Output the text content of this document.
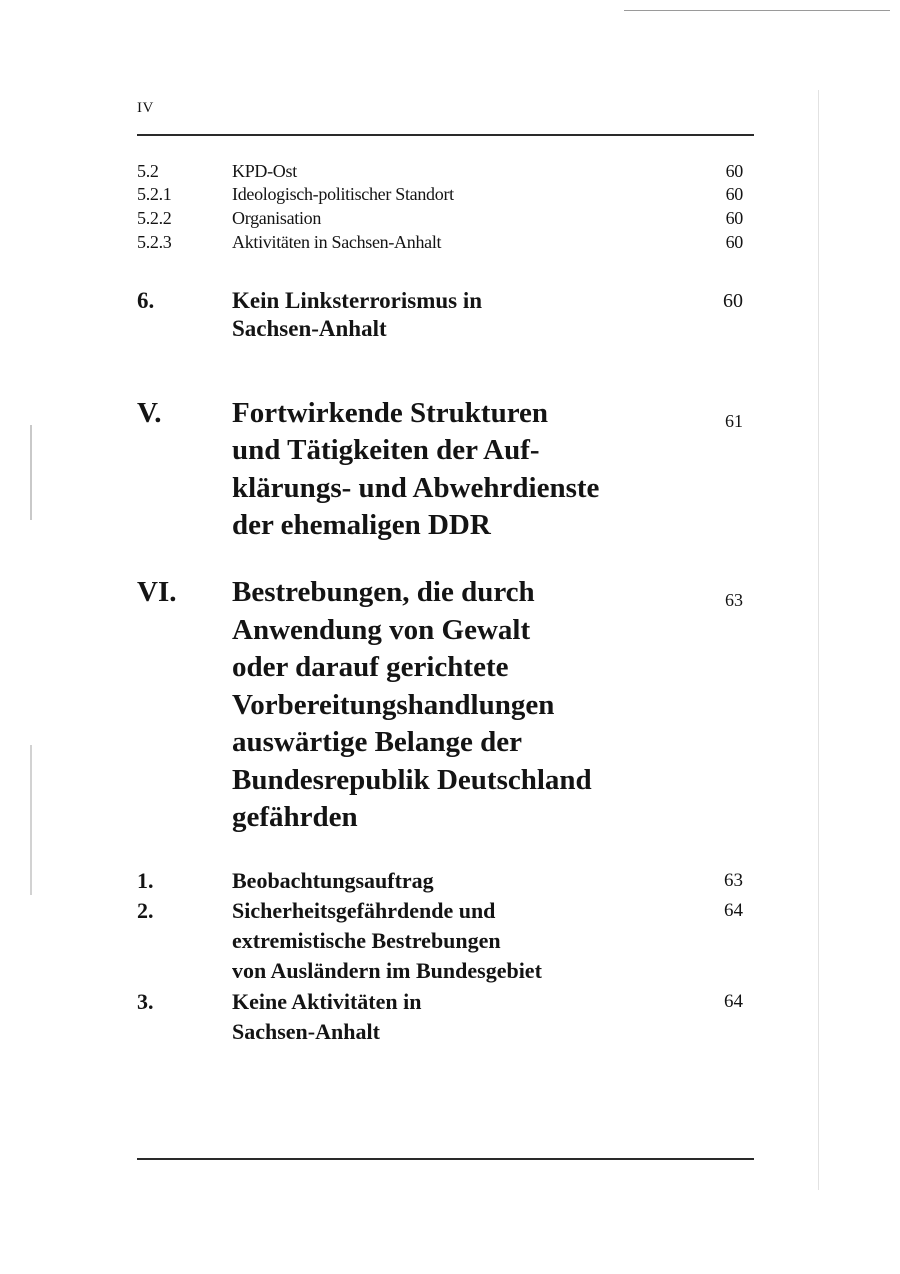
IV
5.2	KPD-Ost	60
5.2.1	Ideologisch-politischer Standort	60
5.2.2	Organisation	60
5.2.3	Aktivitäten in Sachsen-Anhalt	60
6.	Kein Linksterrorismus in	60
Sachsen-Anhalt
V. Fortwirkende Strukturen	61
und Tätigkeiten der Auf-
klärungs- und Abwehrdienste
der ehemaligen DDR
VI. Bestrebungen, die durch	63
Anwendung von Gewalt
oder darauf gerichtete
Vorbereitungshandlungen
auswärtige Belange der
Bundesrepublik Deutschland
gefährden
1.	Beobachtungsauftrag	63
2.	Sicherheitsgefährdende und	64
extremistische Bestrebungen
von Ausländern im Bundesgebiet
3.	Keine Aktivitäten in	64
Sachsen-Anhalt
